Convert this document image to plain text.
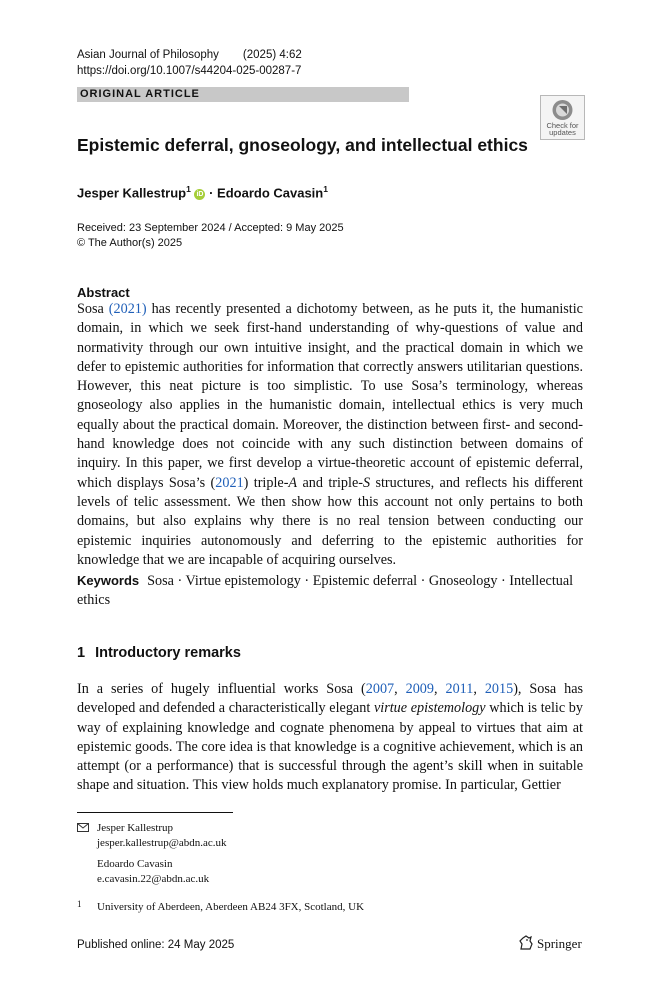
Asian Journal of Philosophy (2025) 4:62
https://doi.org/10.1007/s44204-025-00287-7
ORIGINAL ARTICLE
Check for
updates
Epistemic deferral, gnoseology, and intellectual ethics
Jesper Kallestrup$^1$ iD · Edoardo Cavasin$^1$
Received: 23 September 2024 / Accepted: 9 May 2025
© The Author(s) 2025
Abstract

Sosa (2021) has recently presented a dichotomy between, as he puts it, the humanistic domain, in which we seek first-hand understanding of why-questions of value and normativity through our own intuitive insight, and the practical domain in which we defer to epistemic authorities for information that correctly answers utilitarian questions. However, this neat picture is too simplistic. To use Sosa’s terminology, whereas gnoseology also applies in the humanistic domain, intellectual ethics is very much equally about the practical domain. Moreover, the distinction between first- and second-hand knowledge does not coincide with any such distinction between domains of inquiry. In this paper, we first develop a virtue-theoretic account of epistemic deferral, which displays Sosa’s (2021) triple-A and triple-S structures, and reflects his different levels of telic assessment. We then show how this account not only pertains to both domains, but also explains why there is no real tension between conducting our epistemic inquiries autonomously and deferring to the epistemic authorities for knowledge that we are incapable of acquiring ourselves.

Keywords Sosa · Virtue epistemology · Epistemic deferral · Gnoseology · Intellectual ethics
1 Introductory remarks

In a series of hugely influential works Sosa (2007, 2009, 2011, 2015), Sosa has developed and defended a characteristically elegant virtue epistemology which is telic by way of explaining knowledge and cognate phenomena by appeal to virtues that aim at epistemic goods. The core idea is that knowledge is a cognitive achievement, which is an attempt (or a performance) that is successful through the agent’s skill when in suitable shape and situation. This view holds much explanatory promise. In particular, Gettier

Jesper Kallestrup
jesper.kallestrup@abdn.ac.uk
Edoardo Cavasin
e.cavasin.22@abdn.ac.uk
1 University of Aberdeen, Aberdeen AB24 3FX, Scotland, UK
Published online: 24 May 2025	Springer
